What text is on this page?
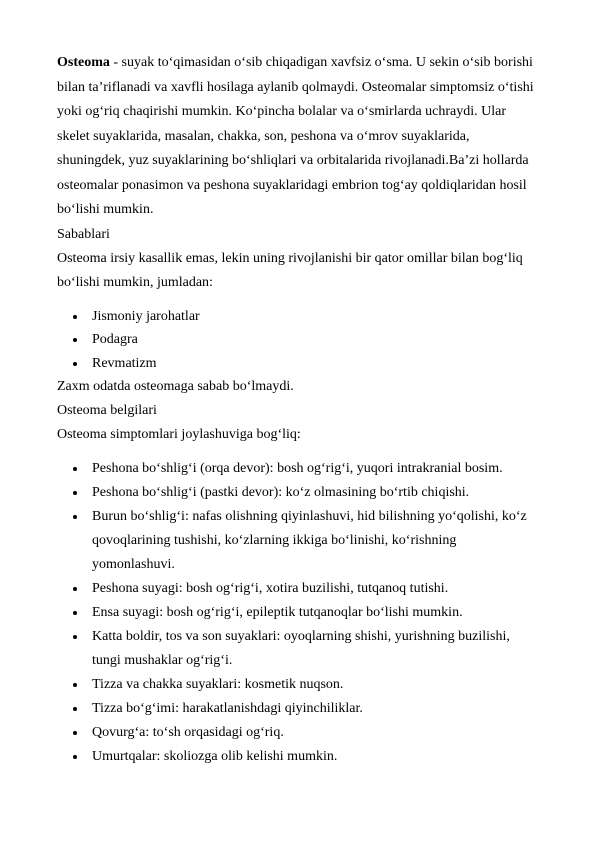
Osteoma - suyak to‘qimasidan o‘sib chiqadigan xavfsiz o‘sma. U sekin o‘sib borishi bilan ta’riflanadi va xavfli hosilaga aylanib qolmaydi. Osteomalar simptomsiz o‘tishi yoki og‘riq chaqirishi mumkin. Ko‘pincha bolalar va o‘smirlarda uchraydi. Ular skelet suyaklarida, masalan, chakka, son, peshona va o‘mrov suyaklarida, shuningdek, yuz suyaklarining bo‘shliqlari va orbitalarida rivojlanadi.Ba’zi hollarda osteomalar ponasimon va peshona suyaklaridagi embrion tog‘ay qoldiqlaridan hosil bo‘lishi mumkin.

Sabablari

Osteoma irsiy kasallik emas, lekin uning rivojlanishi bir qator omillar bilan bog‘liq bo‘lishi mumkin, jumladan:

Jismoniy jarohatlar
Podagra
Revmatizm

Zaxm odatda osteomaga sabab bo‘lmaydi.

Osteoma belgilari

Osteoma simptomlari joylashuviga bog‘liq:

Peshona bo‘shlig‘i (orqa devor): bosh og‘rig‘i, yuqori intrakranial bosim.
Peshona bo‘shlig‘i (pastki devor): ko‘z olmasining bo‘rtib chiqishi.
Burun bo‘shlig‘i: nafas olishning qiyinlashuvi, hid bilishning yo‘qolishi, ko‘z qovoqlarining tushishi, ko‘zlarning ikkiga bo‘linishi, ko‘rishning yomonlashuvi.
Peshona suyagi: bosh og‘rig‘i, xotira buzilishi, tutqanoq tutishi.
Ensa suyagi: bosh og‘rig‘i, epileptik tutqanoqlar bo‘lishi mumkin.
Katta boldir, tos va son suyaklari: oyoqlarning shishi, yurishning buzilishi, tungi mushaklar og‘rig‘i.
Tizza va chakka suyaklari: kosmetik nuqson.
Tizza bo‘g‘imi: harakatlanishdagi qiyinchiliklar.
Qovurg‘a: to‘sh orqasidagi og‘riq.
Umurtqalar: skoliozga olib kelishi mumkin.
